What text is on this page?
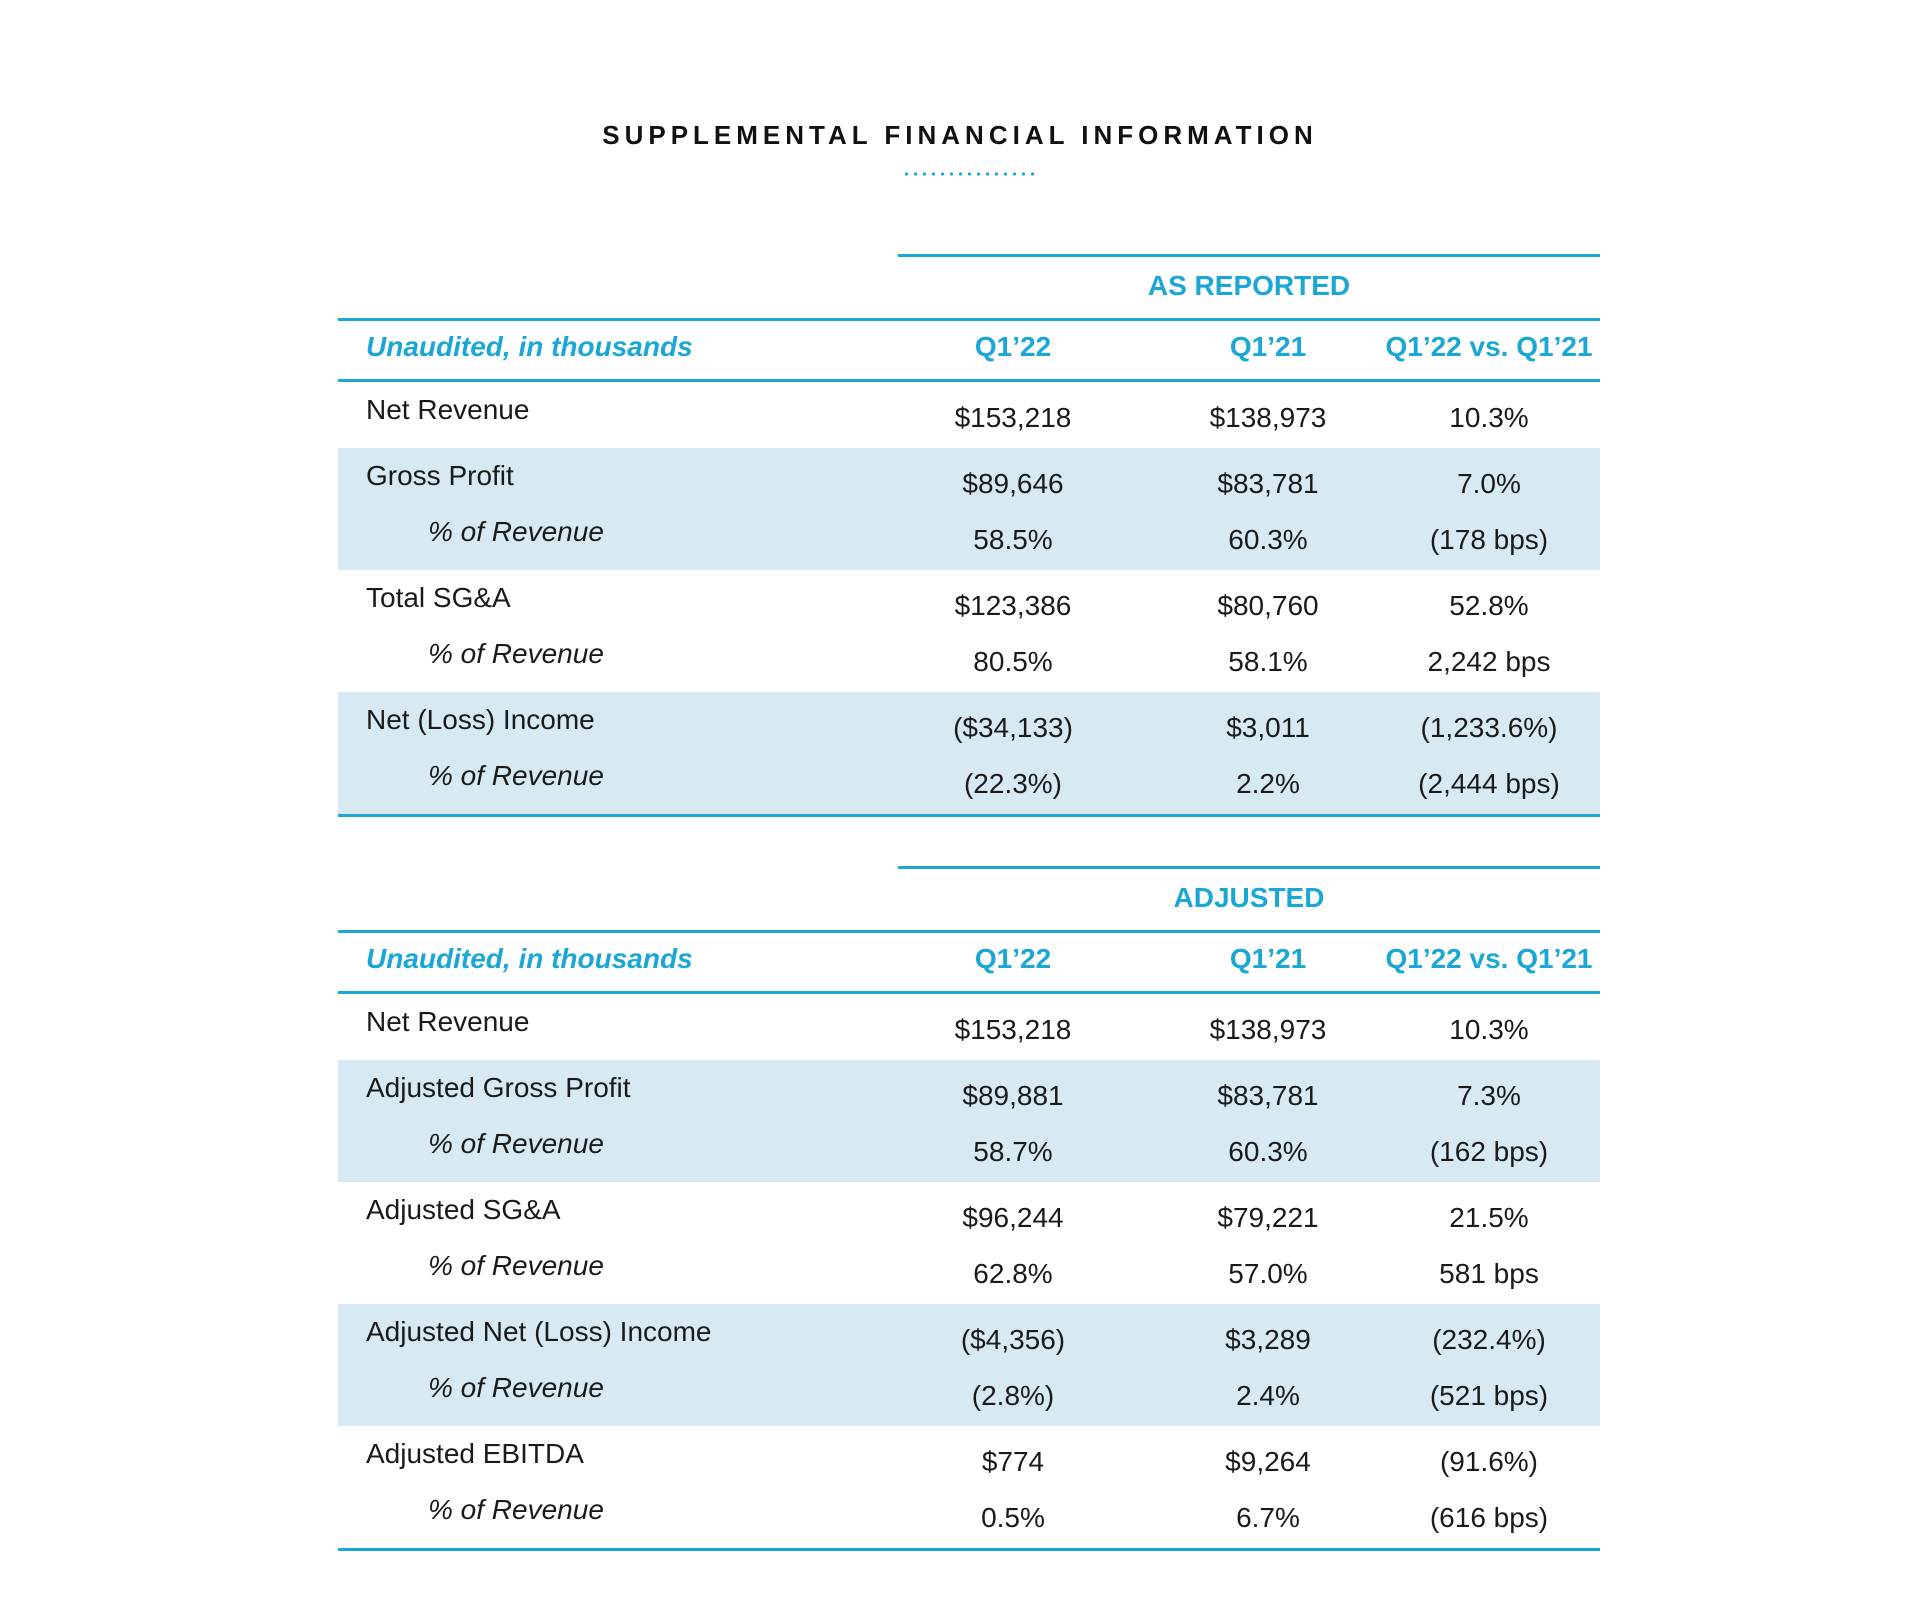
SUPPLEMENTAL FINANCIAL INFORMATION
AS REPORTED
Unaudited, in thousands	Q1’22	Q1’21	Q1’22 vs. Q1’21
Net Revenue	$153,218	$138,973	10.3%
Gross Profit	$89,646	$83,781	7.0%
% of Revenue	58.5%	60.3%	(178 bps)
Total SG&A	$123,386	$80,760	52.8%
% of Revenue	80.5%	58.1%	2,242 bps
Net (Loss) Income	($34,133)	$3,011	(1,233.6%)
% of Revenue	(22.3%)	2.2%	(2,444 bps)
ADJUSTED
Unaudited, in thousands	Q1’22	Q1’21	Q1’22 vs. Q1’21
Net Revenue	$153,218	$138,973	10.3%
Adjusted Gross Profit	$89,881	$83,781	7.3%
% of Revenue	58.7%	60.3%	(162 bps)
Adjusted SG&A	$96,244	$79,221	21.5%
% of Revenue	62.8%	57.0%	581 bps
Adjusted Net (Loss) Income	($4,356)	$3,289	(232.4%)
% of Revenue	(2.8%)	2.4%	(521 bps)
Adjusted EBITDA	$774	$9,264	(91.6%)
% of Revenue	0.5%	6.7%	(616 bps)
